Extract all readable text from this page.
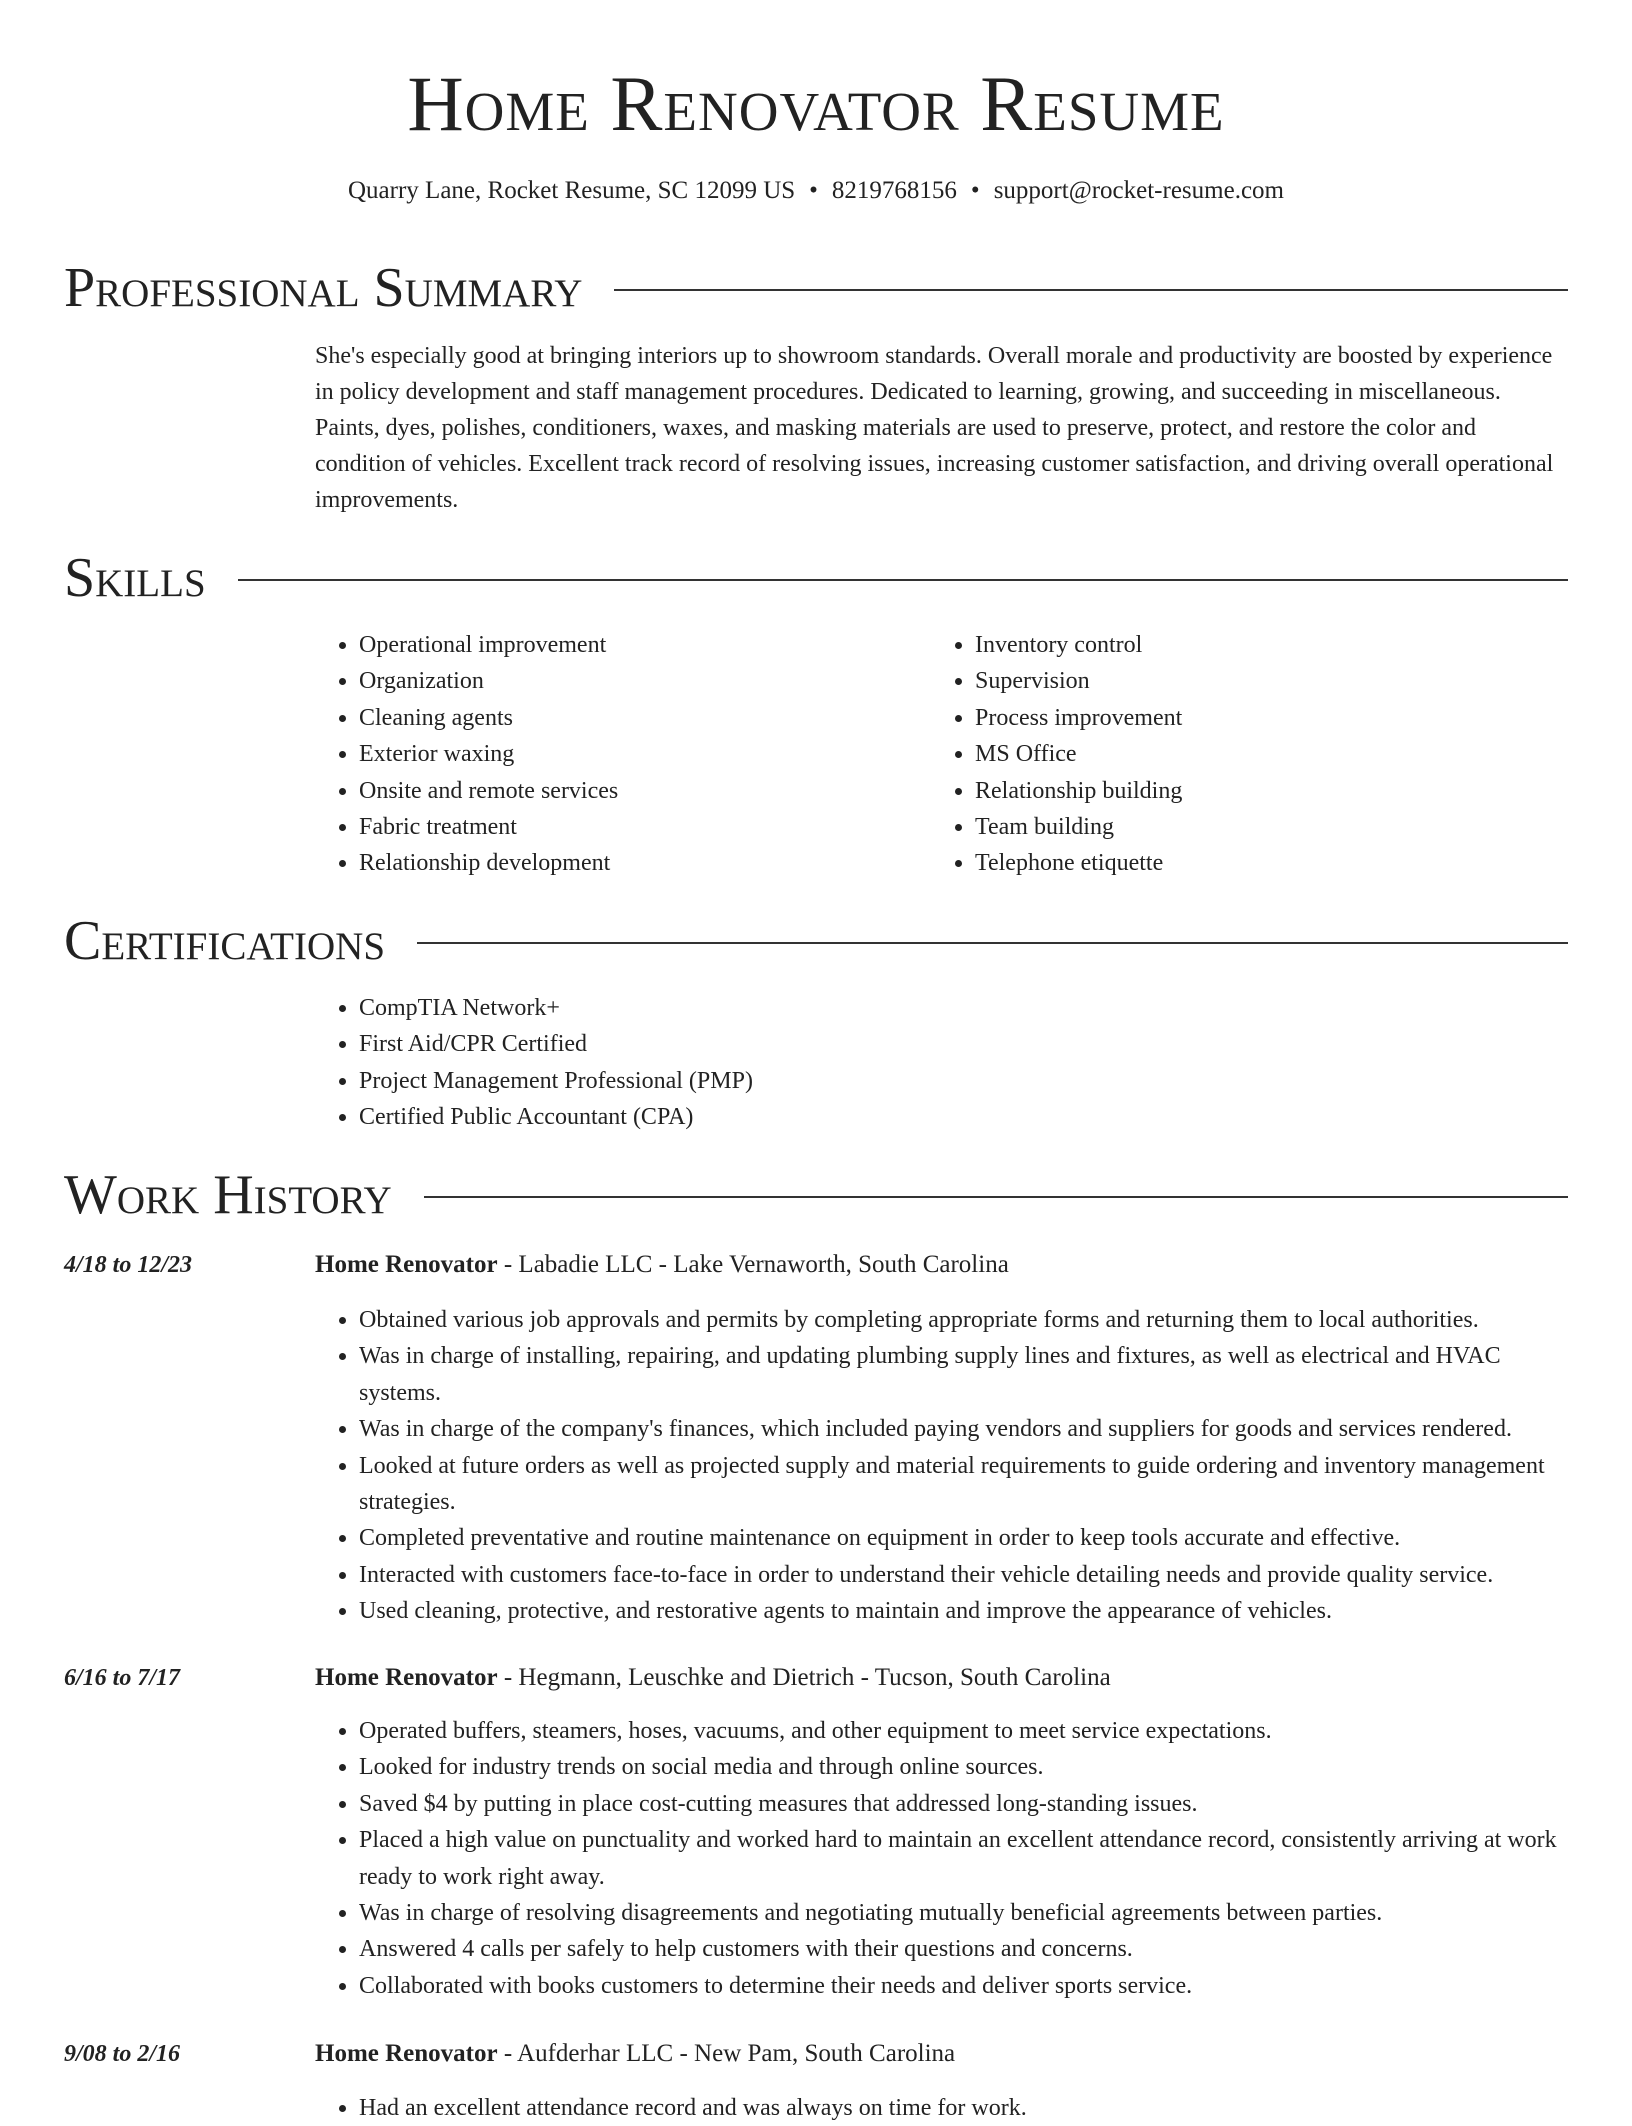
Home Renovator Resume
Quarry Lane, Rocket Resume, SC 12099 US • 8219768156 • support@rocket-resume.com
Professional Summary

She's especially good at bringing interiors up to showroom standards. Overall morale and productivity are boosted by experience in policy development and staff management procedures. Dedicated to learning, growing, and succeeding in miscellaneous. Paints, dyes, polishes, conditioners, waxes, and masking materials are used to preserve, protect, and restore the color and condition of vehicles. Excellent track record of resolving issues, increasing customer satisfaction, and driving overall operational improvements.

Skills
• Operational improvement
• Organization
• Cleaning agents
• Exterior waxing
• Onsite and remote services
• Fabric treatment
• Relationship development
• Inventory control
• Supervision
• Process improvement
• MS Office
• Relationship building
• Team building
• Telephone etiquette
Certifications
• CompTIA Network+
• First Aid/CPR Certified
• Project Management Professional (PMP)
• Certified Public Accountant (CPA)
Work History
4/18 to 12/23	Home Renovator - Labadie LLC - Lake Vernaworth, South Carolina
• Obtained various job approvals and permits by completing appropriate forms and returning them to local authorities.
• Was in charge of installing, repairing, and updating plumbing supply lines and fixtures, as well as electrical and HVAC systems.
• Was in charge of the company's finances, which included paying vendors and suppliers for goods and services rendered.
• Looked at future orders as well as projected supply and material requirements to guide ordering and inventory management strategies.
• Completed preventative and routine maintenance on equipment in order to keep tools accurate and effective.
• Interacted with customers face-to-face in order to understand their vehicle detailing needs and provide quality service.
• Used cleaning, protective, and restorative agents to maintain and improve the appearance of vehicles.
6/16 to 7/17	Home Renovator - Hegmann, Leuschke and Dietrich - Tucson, South Carolina
• Operated buffers, steamers, hoses, vacuums, and other equipment to meet service expectations.
• Looked for industry trends on social media and through online sources.
• Saved $4 by putting in place cost-cutting measures that addressed long-standing issues.
• Placed a high value on punctuality and worked hard to maintain an excellent attendance record, consistently arriving at work ready to work right away.
• Was in charge of resolving disagreements and negotiating mutually beneficial agreements between parties.
• Answered 4 calls per safely to help customers with their questions and concerns.
• Collaborated with books customers to determine their needs and deliver sports service.
9/08 to 2/16	Home Renovator - Aufderhar LLC - New Pam, South Carolina
• Had an excellent attendance record and was always on time for work.
